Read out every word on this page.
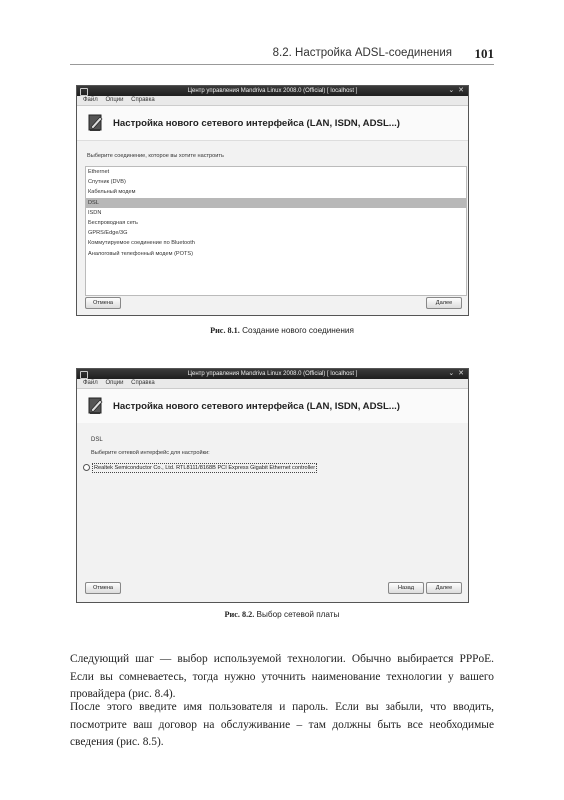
8.2. Настройка ADSL-соединения 101
Центр управления Mandriva Linux 2008.0 (Official) [ localhost ]	⌄ ✕
Файл Опции Справка
Настройка нового сетевого интерфейса (LAN, ISDN, ADSL...)
Выберите соединение, которое вы хотите настроить
Ethernet
Спутник (DVB)
Кабельный модем
DSL
ISDN
Беспроводная сеть
GPRS/Edge/3G
Коммутируемое соединение по Bluetooth
Аналоговый телефонный модем (POTS)
Отмена	Далее
Рис. 8.1. Создание нового соединения
Центр управления Mandriva Linux 2008.0 (Official) [ localhost ]	⌄ ✕
Файл Опции Справка
Настройка нового сетевого интерфейса (LAN, ISDN, ADSL...)
DSL
Выберите сетевой интерфейс для настройки:
Realtek Semiconductor Co., Ltd. RTL8111/8168B PCI Express Gigabit Ethernet controller
Отмена	Назад	Далее
Рис. 8.2. Выбор сетевой платы

Следующий шаг — выбор используемой технологии. Обычно выбирается PPPoE. Если вы сомневаетесь, тогда нужно уточнить наименование технологии у вашего провайдера (рис. 8.4).

После этого введите имя пользователя и пароль. Если вы забыли, что вводить, посмотрите ваш договор на обслуживание – там должны быть все необходимые сведения (рис. 8.5).
